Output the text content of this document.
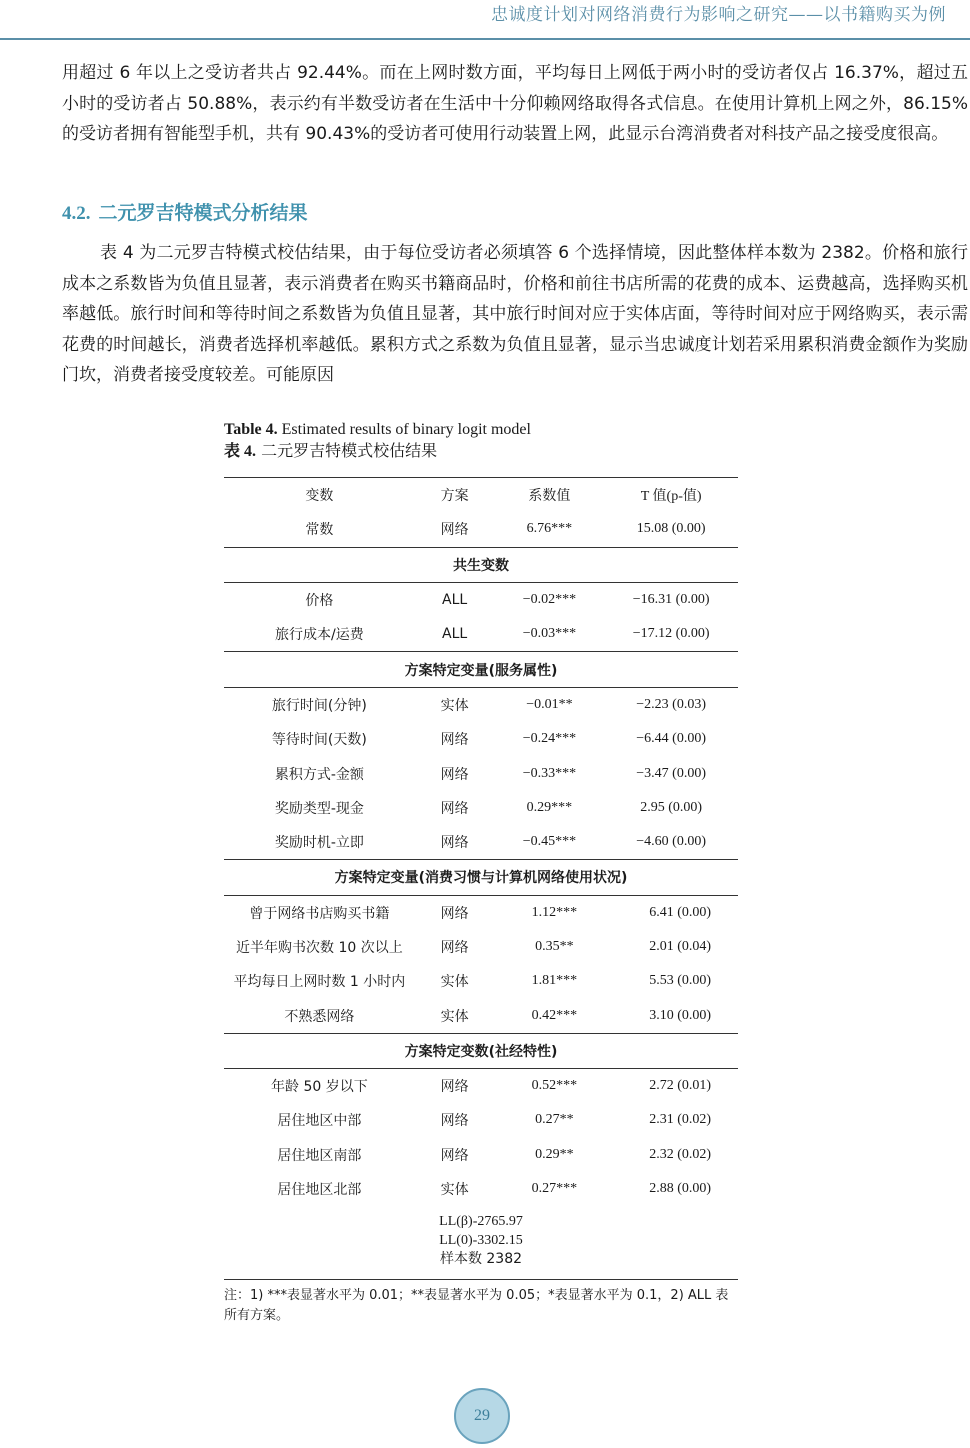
忠诚度计划对网络消费行为影响之研究——以书籍购买为例

用超过 6 年以上之受访者共占 92.44%。而在上网时数方面，平均每日上网低于两小时的受访者仅占 16.37%，超过五小时的受访者占 50.88%，表示约有半数受访者在生活中十分仰赖网络取得各式信息。在使用计算机上网之外，86.15%的受访者拥有智能型手机，共有 90.43%的受访者可使用行动装置上网，此显示台湾消费者对科技产品之接受度很高。

4.2. 二元罗吉特模式分析结果

表 4 为二元罗吉特模式校估结果，由于每位受访者必须填答 6 个选择情境，因此整体样本数为 2382。价格和旅行成本之系数皆为负值且显著，表示消费者在购买书籍商品时，价格和前往书店所需的花费的成本、运费越高，选择购买机率越低。旅行时间和等待时间之系数皆为负值且显著，其中旅行时间对应于实体店面，等待时间对应于网络购买，表示需花费的时间越长，消费者选择机率越低。累积方式之系数为负值且显著，显示当忠诚度计划若采用累积消费金额作为奖励门坎，消费者接受度较差。可能原因

Table 4. Estimated results of binary logit model

表 4. 二元罗吉特模式校估结果

变数	方案	系数值	T 值(p-值)
常数	网络	6.76***	15.08 (0.00)
共生变数			
价格	ALL	−0.02***	−16.31 (0.00)
旅行成本/运费	ALL	−0.03***	−17.12 (0.00)
方案特定变量(服务属性)			
旅行时间(分钟)	实体	−0.01**	−2.23 (0.03)
等待时间(天数)	网络	−0.24***	−6.44 (0.00)
累积方式-金额	网络	−0.33***	−3.47 (0.00)
奖励类型-现金	网络	0.29***	2.95 (0.00)
奖励时机-立即	网络	−0.45***	−4.60 (0.00)
方案特定变量(消费习惯与计算机网络使用状况)			
曾于网络书店购买书籍	网络	1.12***	6.41 (0.00)
近半年购书次数 10 次以上	网络	0.35**	2.01 (0.04)
平均每日上网时数 1 小时内	实体	1.81***	5.53 (0.00)
不熟悉网络	实体	0.42***	3.10 (0.00)
方案特定变数(社经特性)			
年龄 50 岁以下	网络	0.52***	2.72 (0.01)
居住地区中部	网络	0.27**	2.31 (0.02)
居住地区南部	网络	0.29**	2.32 (0.02)
居住地区北部	实体	0.27***	2.88 (0.00)
LL(β)-2765.97
LL(0)-3302.15
样本数 2382
注：1) ***表显著水平为 0.01；**表显著水平为 0.05；*表显著水平为 0.1，2) ALL 表所有方案。
29
